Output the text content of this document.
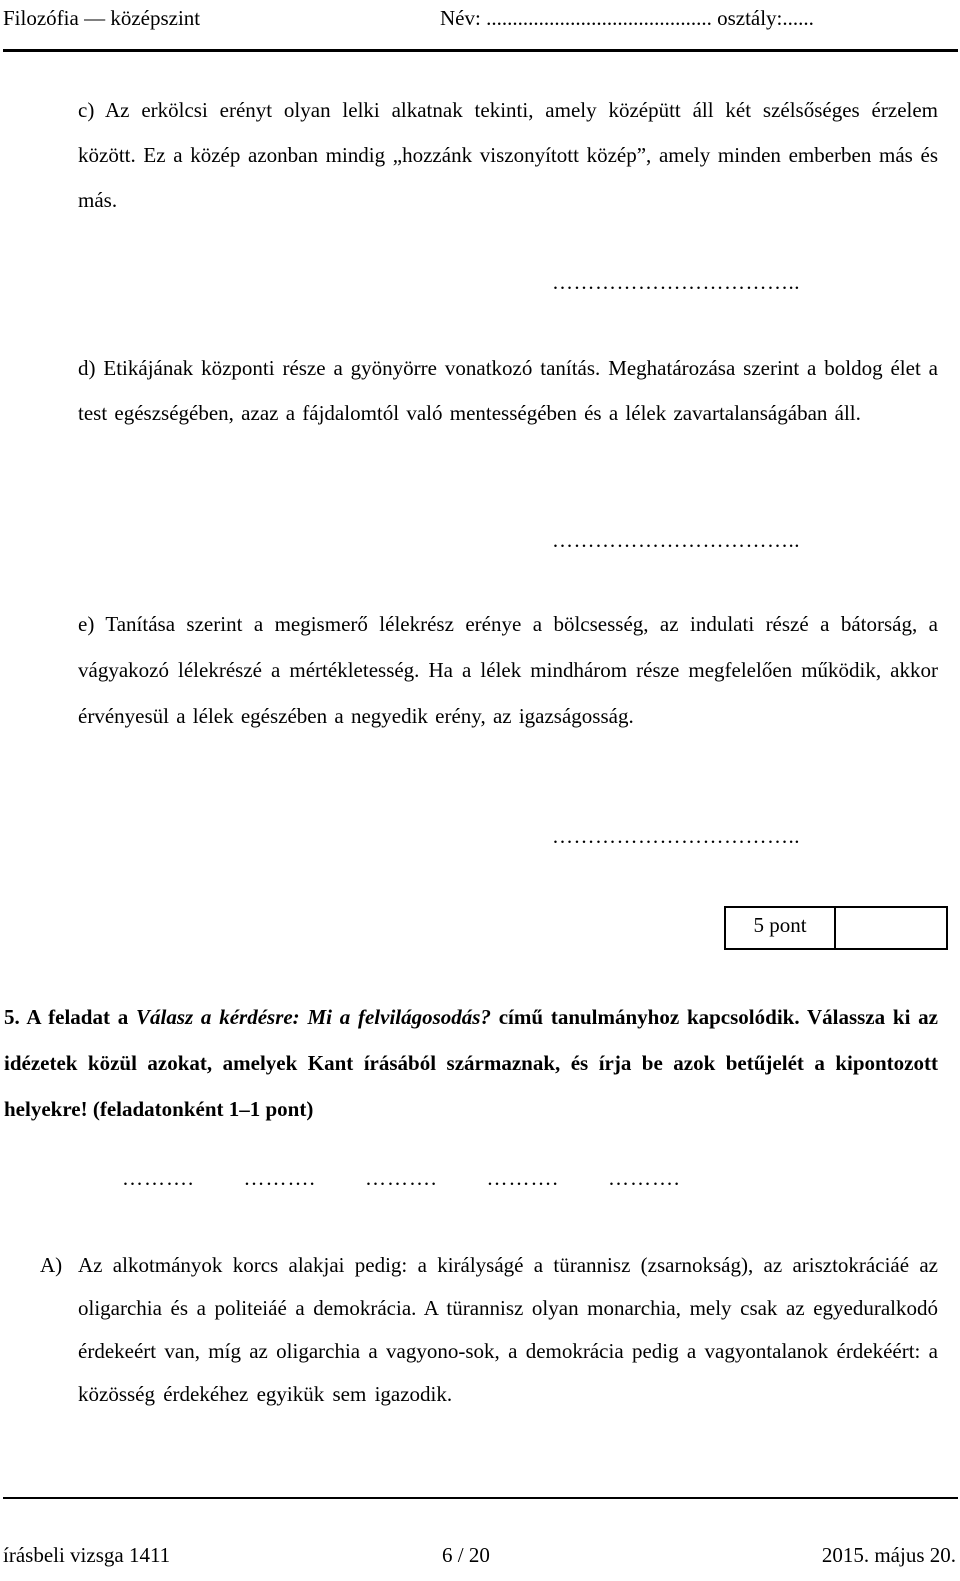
Filozófia — középszint	Név: ........................................... osztály:......
c) Az erkölcsi erényt olyan lelki alkatnak tekinti, amely középütt áll két szélsőséges érzelem között. Ez a közép azonban mindig „hozzánk viszonyított közép”, amely minden emberben más és más.
……………………………..
d) Etikájának központi része a gyönyörre vonatkozó tanítás. Meghatározása szerint a boldog élet a test egészségében, azaz a fájdalomtól való mentességében és a lélek zavartalanságában áll.
……………………………..
e) Tanítása szerint a megismerő lélekrész erénye a bölcsesség, az indulati részé a bátorság, a vágyakozó lélekrészé a mértékletesség. Ha a lélek mindhárom része megfelelően működik, akkor érvényesül a lélek egészében a negyedik erény, az igazságosság.
……………………………..
5 pont
5. A feladat a Válasz a kérdésre: Mi a felvilágosodás? című tanulmányhoz kapcsolódik. Válassza ki az idézetek közül azokat, amelyek Kant írásából származnak, és írja be azok betűjelét a kipontozott helyekre! (feladatonként 1–1 pont)
………. ………. ………. ………. ……….
A) Az alkotmányok korcs alakjai pedig: a királyságé a türannisz (zsarnokság), az arisztokráciáé az oligarchia és a politeiáé a demokrácia. A türannisz olyan monarchia, mely csak az egyeduralkodó érdekeért van, míg az oligarchia a vagyono-sok, a demokrácia pedig a vagyontalanok érdekéért: a közösség érdekéhez egyikük sem igazodik.
írásbeli vizsga 1411	6 / 20	2015. május 20.
